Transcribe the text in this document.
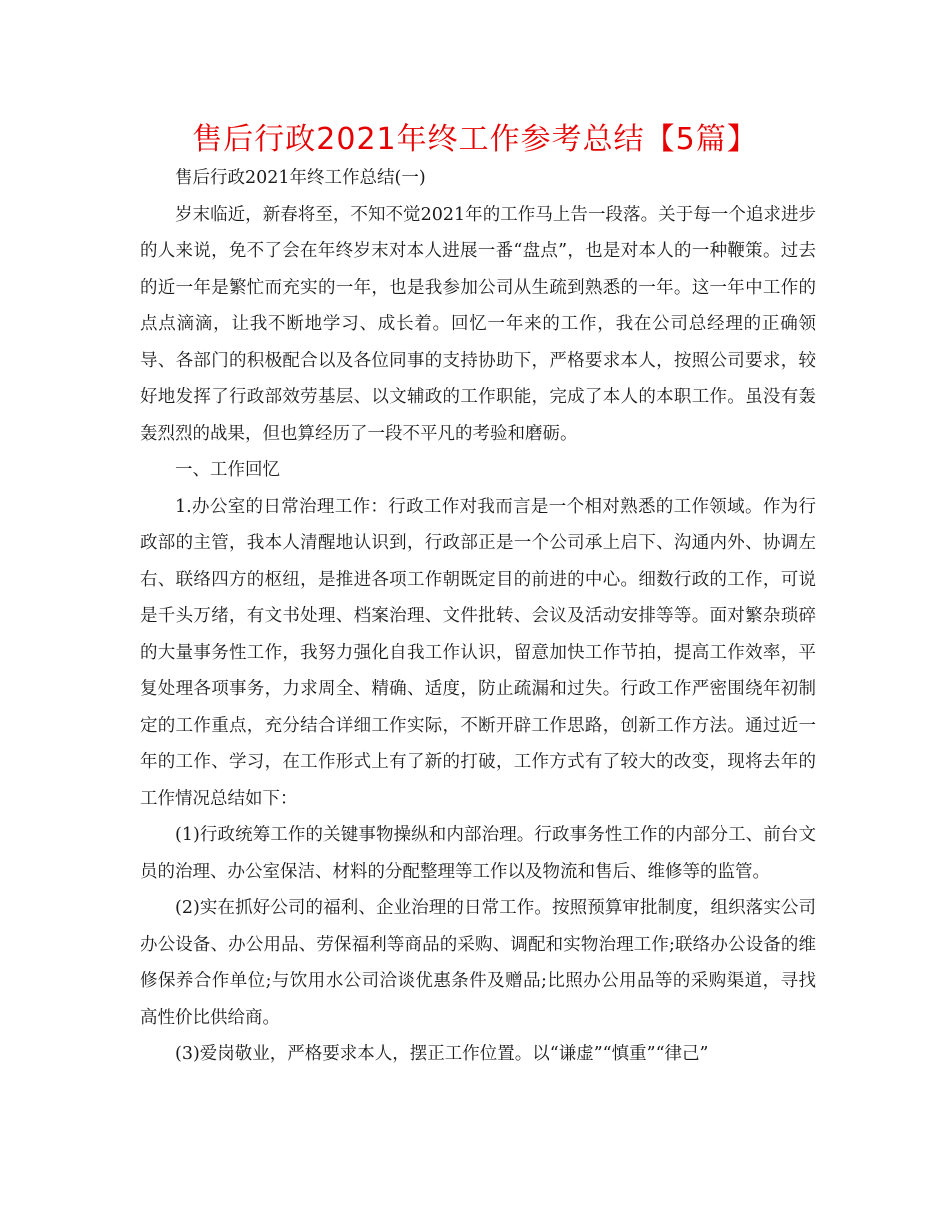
售后行政2021年终工作参考总结【5篇】

售后行政2021年终工作总结(一)

岁末临近，新春将至，不知不觉2021年的工作马上告一段落。关于每一个追求进步的人来说，免不了会在年终岁末对本人进展一番“盘点”，也是对本人的一种鞭策。过去的近一年是繁忙而充实的一年，也是我参加公司从生疏到熟悉的一年。这一年中工作的点点滴滴，让我不断地学习、成长着。回忆一年来的工作，我在公司总经理的正确领导、各部门的积极配合以及各位同事的支持协助下，严格要求本人，按照公司要求，较好地发挥了行政部效劳基层、以文辅政的工作职能，完成了本人的本职工作。虽没有轰轰烈烈的战果，但也算经历了一段不平凡的考验和磨砺。

一、工作回忆

1.办公室的日常治理工作：行政工作对我而言是一个相对熟悉的工作领域。作为行政部的主管，我本人清醒地认识到，行政部正是一个公司承上启下、沟通内外、协调左右、联络四方的枢纽，是推进各项工作朝既定目的前进的中心。细数行政的工作，可说是千头万绪，有文书处理、档案治理、文件批转、会议及活动安排等等。面对繁杂琐碎的大量事务性工作，我努力强化自我工作认识，留意加快工作节拍，提高工作效率，平复处理各项事务，力求周全、精确、适度，防止疏漏和过失。行政工作严密围绕年初制定的工作重点，充分结合详细工作实际，不断开辟工作思路，创新工作方法。通过近一年的工作、学习，在工作形式上有了新的打破，工作方式有了较大的改变，现将去年的工作情况总结如下：

(1)行政统筹工作的关键事物操纵和内部治理。行政事务性工作的内部分工、前台文员的治理、办公室保洁、材料的分配整理等工作以及物流和售后、维修等的监管。

(2)实在抓好公司的福利、企业治理的日常工作。按照预算审批制度，组织落实公司办公设备、办公用品、劳保福利等商品的采购、调配和实物治理工作;联络办公设备的维修保养合作单位;与饮用水公司洽谈优惠条件及赠品;比照办公用品等的采购渠道，寻找高性价比供给商。

(3)爱岗敬业，严格要求本人，摆正工作位置。以“谦虚”“慎重”“律己”
